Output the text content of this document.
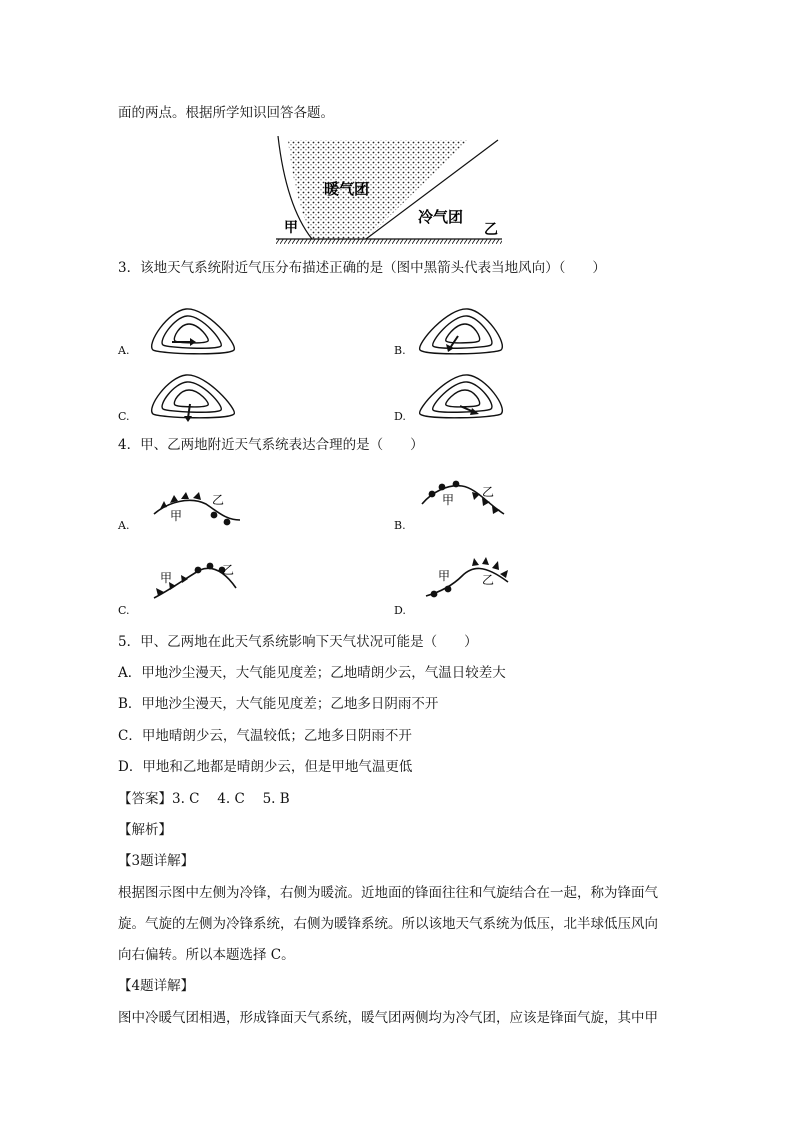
面的两点。根据所学知识回答各题。
暖气团
冷气团
甲	乙
3．该地天气系统附近气压分布描述正确的是（图中黑箭头代表当地风向）（　　）
A.	B.
C.	D.
4．甲、乙两地附近天气系统表达合理的是（　　）
A.
甲
乙
B.
甲
乙
C.
甲
乙
D.
甲	乙
5．甲、乙两地在此天气系统影响下天气状况可能是（　　）
A．甲地沙尘漫天，大气能见度差；乙地晴朗少云，气温日较差大
B．甲地沙尘漫天，大气能见度差；乙地多日阴雨不开
C．甲地晴朗少云，气温较低；乙地多日阴雨不开
D．甲地和乙地都是晴朗少云，但是甲地气温更低
【答案】3. C　 4. C　 5. B
【解析】
【3题详解】
根据图示图中左侧为冷锋，右侧为暖流。近地面的锋面往往和气旋结合在一起，称为锋面气
旋。气旋的左侧为冷锋系统，右侧为暖锋系统。所以该地天气系统为低压，北半球低压风向
向右偏转。所以本题选择 C。
【4题详解】
图中冷暖气团相遇，形成锋面天气系统，暖气团两侧均为冷气团，应该是锋面气旋，其中甲
